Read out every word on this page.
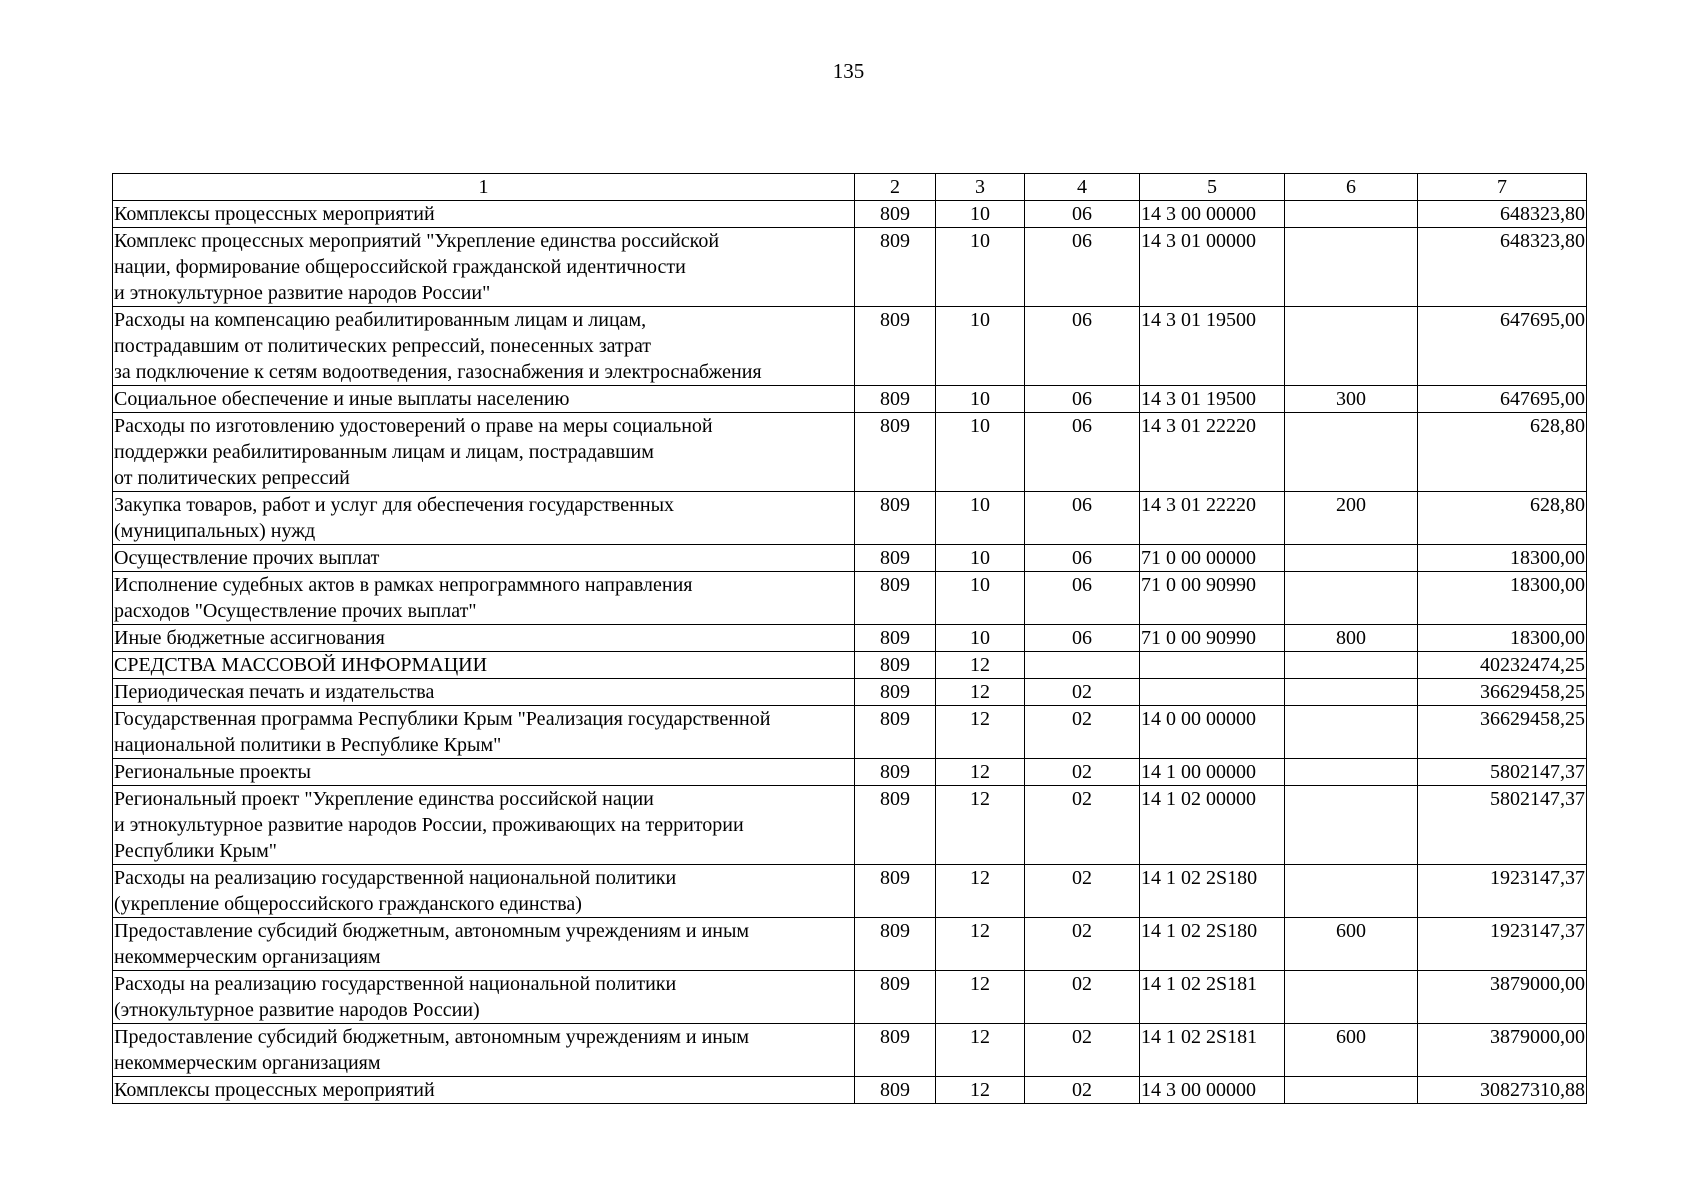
135
1	2	3	4	5	6	7
Комплексы процессных мероприятий	809	10	06	14 3 00 00000		648323,80
Комплекс процессных мероприятий "Укрепление единства российской
нации, формирование общероссийской гражданской идентичности
и этнокультурное развитие народов России"	809	10	06	14 3 01 00000		648323,80
Расходы на компенсацию реабилитированным лицам и лицам,
пострадавшим от политических репрессий, понесенных затрат
за подключение к сетям водоотведения, газоснабжения и электроснабжения	809	10	06	14 3 01 19500		647695,00
Социальное обеспечение и иные выплаты населению	809	10	06	14 3 01 19500	300	647695,00
Расходы по изготовлению удостоверений о праве на меры социальной
поддержки реабилитированным лицам и лицам, пострадавшим
от политических репрессий	809	10	06	14 3 01 22220		628,80
Закупка товаров, работ и услуг для обеспечения государственных
(муниципальных) нужд	809	10	06	14 3 01 22220	200	628,80
Осуществление прочих выплат	809	10	06	71 0 00 00000		18300,00
Исполнение судебных актов в рамках непрограммного направления
расходов "Осуществление прочих выплат"	809	10	06	71 0 00 90990		18300,00
Иные бюджетные ассигнования	809	10	06	71 0 00 90990	800	18300,00
СРЕДСТВА МАССОВОЙ ИНФОРМАЦИИ	809	12				40232474,25
Периодическая печать и издательства	809	12	02			36629458,25
Государственная программа Республики Крым "Реализация государственной
национальной политики в Республике Крым"	809	12	02	14 0 00 00000		36629458,25
Региональные проекты	809	12	02	14 1 00 00000		5802147,37
Региональный проект "Укрепление единства российской нации
и этнокультурное развитие народов России, проживающих на территории
Республики Крым"	809	12	02	14 1 02 00000		5802147,37
Расходы на реализацию государственной национальной политики
(укрепление общероссийского гражданского единства)	809	12	02	14 1 02 2S180		1923147,37
Предоставление субсидий бюджетным, автономным учреждениям и иным
некоммерческим организациям	809	12	02	14 1 02 2S180	600	1923147,37
Расходы на реализацию государственной национальной политики
(этнокультурное развитие народов России)	809	12	02	14 1 02 2S181		3879000,00
Предоставление субсидий бюджетным, автономным учреждениям и иным
некоммерческим организациям	809	12	02	14 1 02 2S181	600	3879000,00
Комплексы процессных мероприятий	809	12	02	14 3 00 00000		30827310,88
